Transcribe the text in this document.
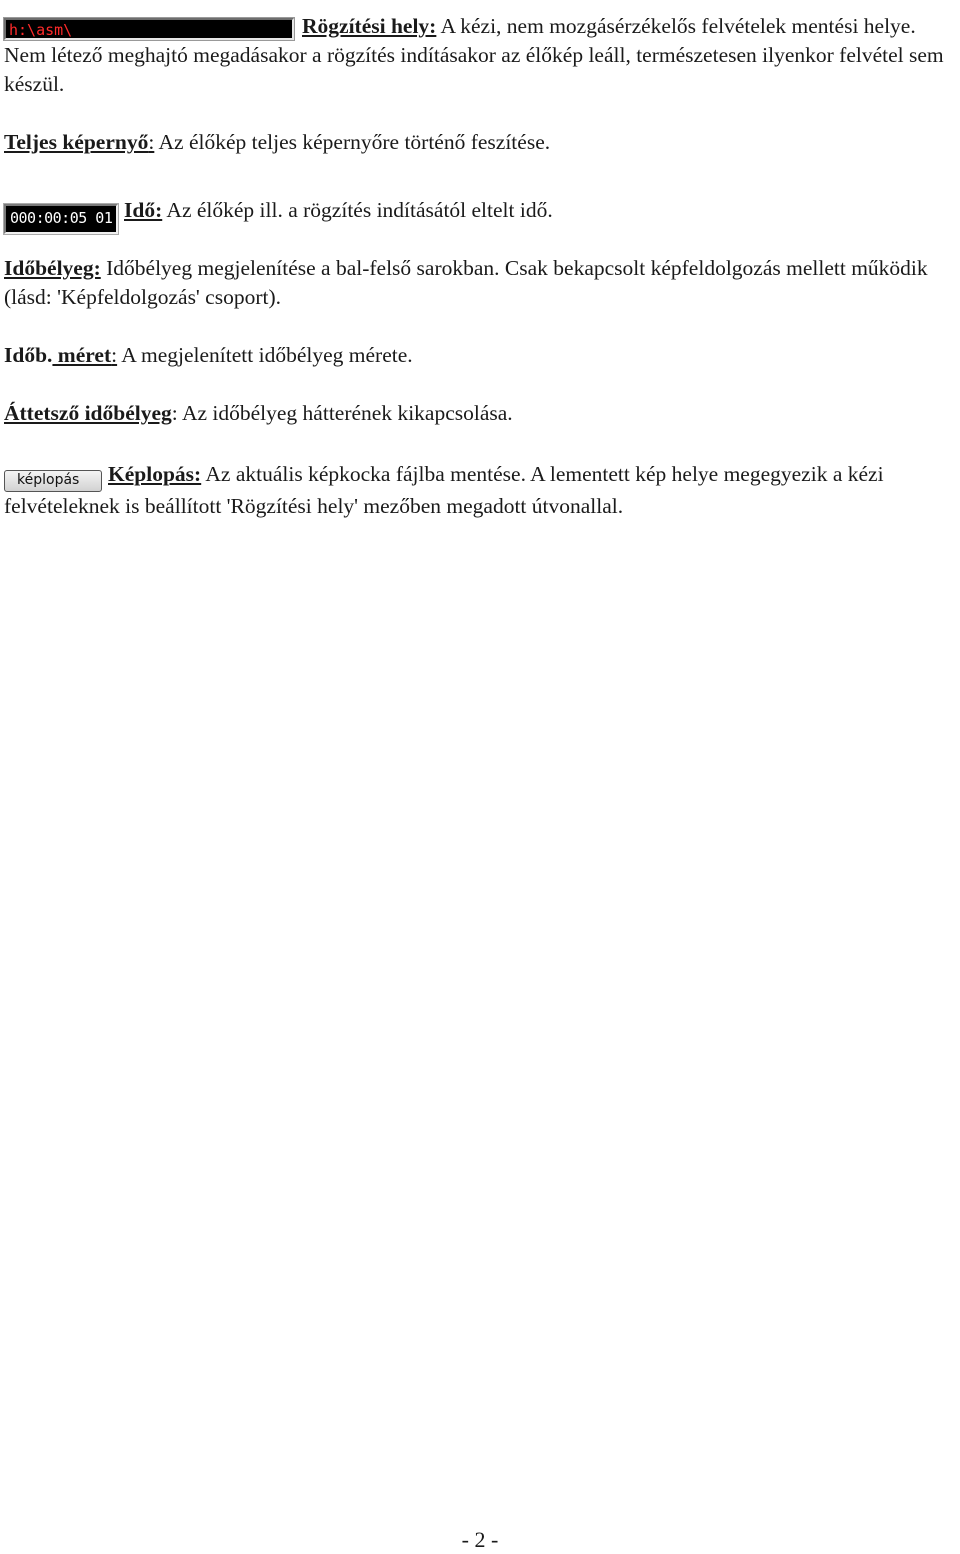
h:\asm\	Rögzítési hely: A kézi, nem mozgásérzékelős felvételek mentési helye. Nem létező meghajtó megadásakor a rögzítés indításakor az élőkép leáll, természetesen ilyenkor felvétel sem készül.

Teljes képernyő: Az élőkép teljes képernyőre történő feszítése.

000:00:05 01 Idő: Az élőkép ill. a rögzítés indításától eltelt idő.

Időbélyeg: Időbélyeg megjelenítése a bal-felső sarokban. Csak bekapcsolt képfeldolgozás mellett működik (lásd: 'Képfeldolgozás' csoport).

Időb. méret: A megjelenített időbélyeg mérete.

Áttetsző időbélyeg: Az időbélyeg hátterének kikapcsolása.

képlopás Képlopás: Az aktuális képkocka fájlba mentése. A lementett kép helye megegyezik a kézi felvételeknek is beállított 'Rögzítési hely' mezőben megadott útvonallal.

- 2 -
